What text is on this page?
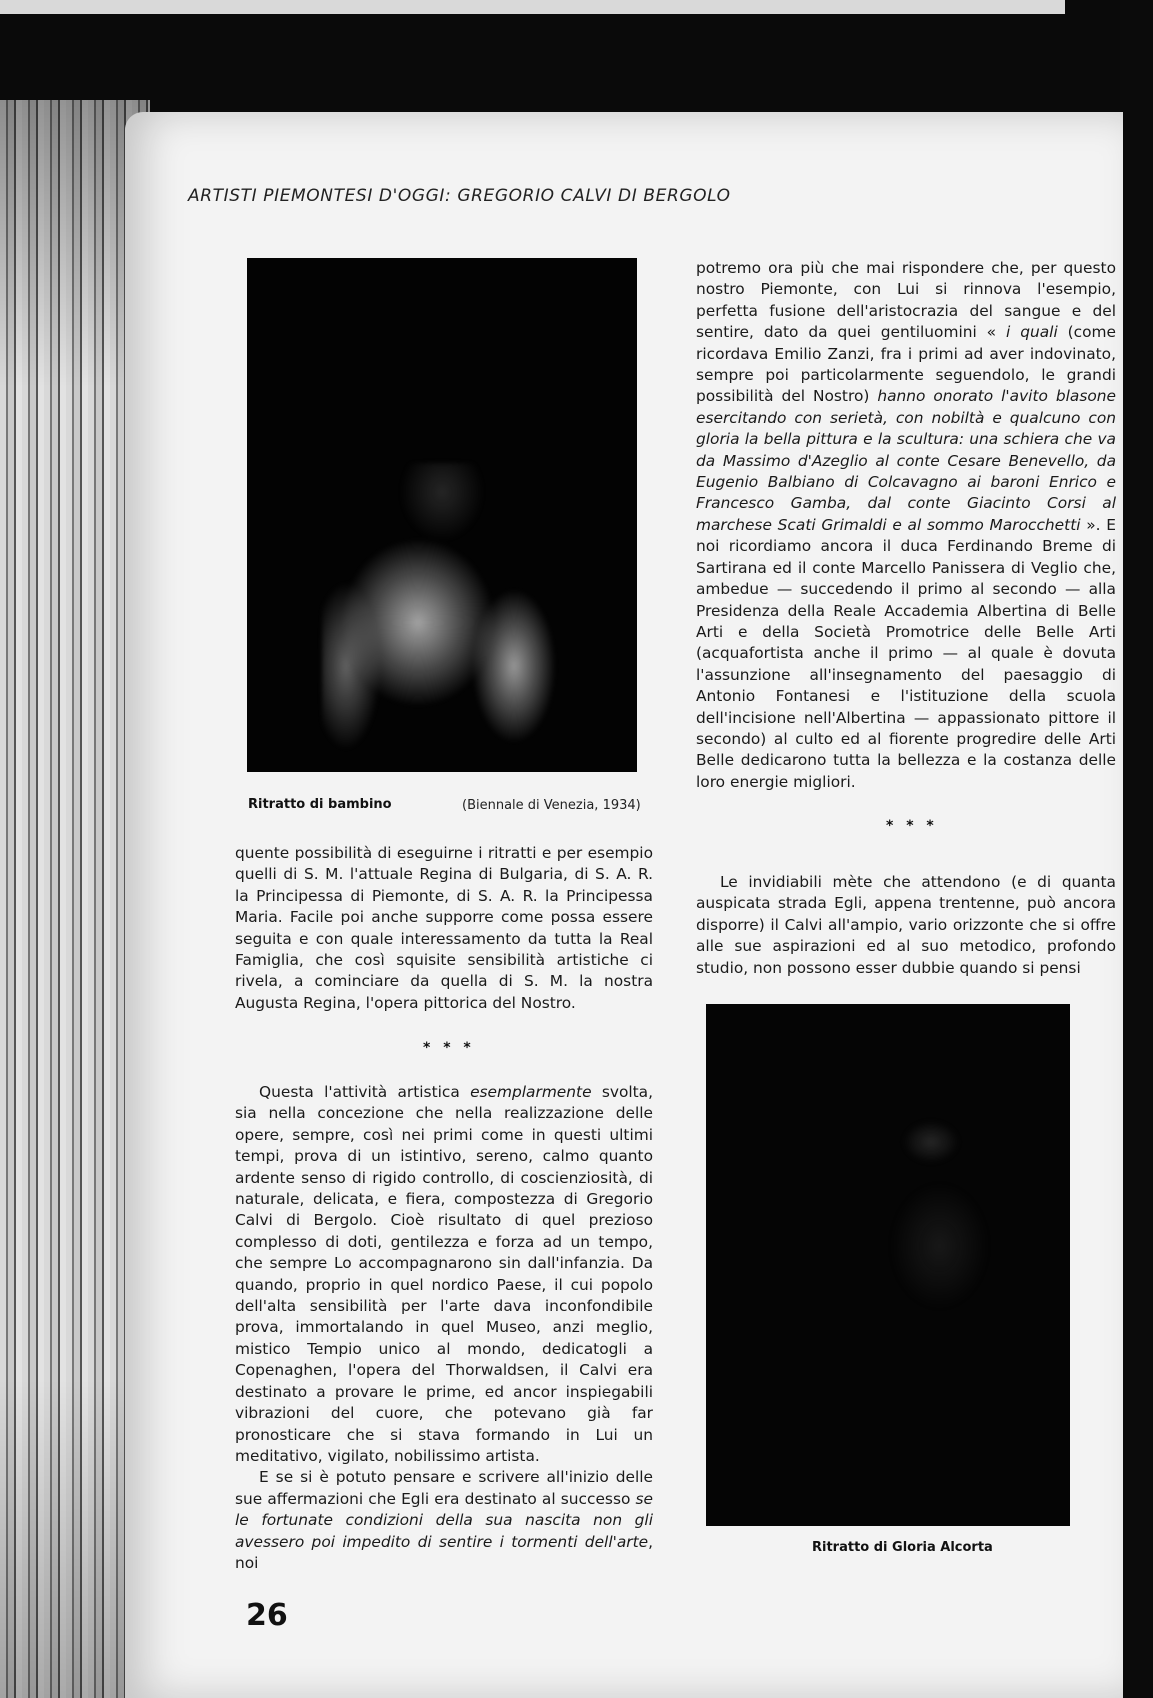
ARTISTI PIEMONTESI D'OGGI: GREGORIO CALVI DI BERGOLO
Ritratto di bambino	(Biennale di Venezia, 1934)

quente possibilità di eseguirne i ritratti e per esempio quelli di S. M. l'attuale Regina di Bulgaria, di S. A. R. la Principessa di Piemonte, di S. A. R. la Principessa Maria. Facile poi anche supporre come possa essere seguita e con quale interessamento da tutta la Real Famiglia, che così squisite sensibilità artistiche ci rivela, a cominciare da quella di S. M. la nostra Augusta Regina, l'opera pittorica del Nostro.

* * *

Questa l'attività artistica esemplarmente svolta, sia nella concezione che nella realizzazione delle opere, sempre, così nei primi come in questi ultimi tempi, prova di un istintivo, sereno, calmo quanto ardente senso di rigido controllo, di coscienziosità, di naturale, delicata, e fiera, compostezza di Gregorio Calvi di Bergolo. Cioè risultato di quel prezioso complesso di doti, gentilezza e forza ad un tempo, che sempre Lo accompagnarono sin dall'infanzia. Da quando, proprio in quel nordico Paese, il cui popolo dell'alta sensibilità per l'arte dava inconfondibile prova, immortalando in quel Museo, anzi meglio, mistico Tempio unico al mondo, dedicatogli a Copenaghen, l'opera del Thorwaldsen, il Calvi era destinato a provare le prime, ed ancor inspiegabili vibrazioni del cuore, che potevano già far pronosticare che si stava formando in Lui un meditativo, vigilato, nobilissimo artista.

E se si è potuto pensare e scrivere all'inizio delle sue affermazioni che Egli era destinato al successo se le fortunate condizioni della sua nascita non gli avessero poi impedito di sentire i tormenti dell'arte, noi

potremo ora più che mai rispondere che, per questo nostro Piemonte, con Lui si rinnova l'esempio, perfetta fusione dell'aristocrazia del sangue e del sentire, dato da quei gentiluomini « i quali (come ricordava Emilio Zanzi, fra i primi ad aver indovinato, sempre poi particolarmente seguendolo, le grandi possibilità del Nostro) hanno onorato l'avito blasone esercitando con serietà, con nobiltà e qualcuno con gloria la bella pittura e la scultura: una schiera che va da Massimo d'Azeglio al conte Cesare Benevello, da Eugenio Balbiano di Colcavagno ai baroni Enrico e Francesco Gamba, dal conte Giacinto Corsi al marchese Scati Grimaldi e al sommo Marocchetti ». E noi ricordiamo ancora il duca Ferdinando Breme di Sartirana ed il conte Marcello Panissera di Veglio che, ambedue — succedendo il primo al secondo — alla Presidenza della Reale Accademia Albertina di Belle Arti e della Società Promotrice delle Belle Arti (acquafortista anche il primo — al quale è dovuta l'assunzione all'insegnamento del paesaggio di Antonio Fontanesi e l'istituzione della scuola dell'incisione nell'Albertina — appassionato pittore il secondo) al culto ed al fiorente progredire delle Arti Belle dedicarono tutta la bellezza e la costanza delle loro energie migliori.

* * *

Le invidiabili mète che attendono (e di quanta auspicata strada Egli, appena trentenne, può ancora disporre) il Calvi all'ampio, vario orizzonte che si offre alle sue aspirazioni ed al suo metodico, profondo studio, non possono esser dubbie quando si pensi

Ritratto di Gloria Alcorta
26
